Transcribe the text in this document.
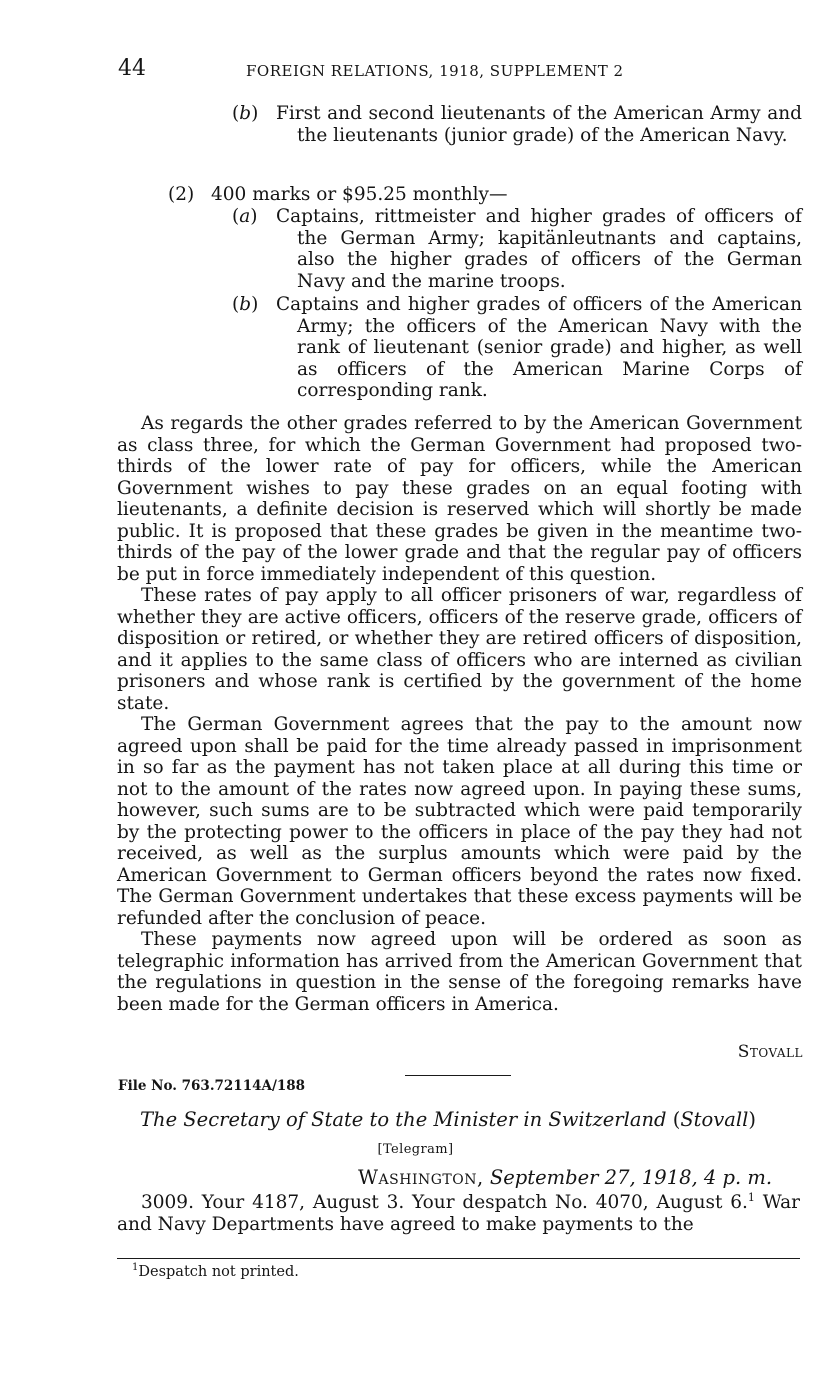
44	FOREIGN RELATIONS, 1918, SUPPLEMENT 2
(b) First and second lieutenants of the American Army and the lieutenants (junior grade) of the American Navy.
(2) 400 marks or $95.25 monthly—
(a) Captains, rittmeister and higher grades of officers of the German Army; kapitänleutnants and captains, also the higher grades of officers of the German Navy and the marine troops.
(b) Captains and higher grades of officers of the American Army; the officers of the American Navy with the rank of lieutenant (senior grade) and higher, as well as officers of the American Marine Corps of corresponding rank.

As regards the other grades referred to by the American Government as class three, for which the German Government had proposed two-thirds of the lower rate of pay for officers, while the American Government wishes to pay these grades on an equal footing with lieutenants, a definite decision is reserved which will shortly be made public. It is proposed that these grades be given in the meantime two-thirds of the pay of the lower grade and that the regular pay of officers be put in force immediately independent of this question.

These rates of pay apply to all officer prisoners of war, regardless of whether they are active officers, officers of the reserve grade, officers of disposition or retired, or whether they are retired officers of disposition, and it applies to the same class of officers who are interned as civilian prisoners and whose rank is certified by the government of the home state.

The German Government agrees that the pay to the amount now agreed upon shall be paid for the time already passed in imprisonment in so far as the payment has not taken place at all during this time or not to the amount of the rates now agreed upon. In paying these sums, however, such sums are to be subtracted which were paid temporarily by the protecting power to the officers in place of the pay they had not received, as well as the surplus amounts which were paid by the American Government to German officers beyond the rates now fixed. The German Government undertakes that these excess payments will be refunded after the conclusion of peace.

These payments now agreed upon will be ordered as soon as telegraphic information has arrived from the American Government that the regulations in question in the sense of the foregoing remarks have been made for the German officers in America.

Stovall
File No. 763.72114A/188
The Secretary of State to the Minister in Switzerland (Stovall)
[Telegram]
Washington, September 27, 1918, 4 p. m.

3009. Your 4187, August 3. Your despatch No. 4070, August 6.$^1$ War and Navy Departments have agreed to make payments to the

$^1$Despatch not printed.
